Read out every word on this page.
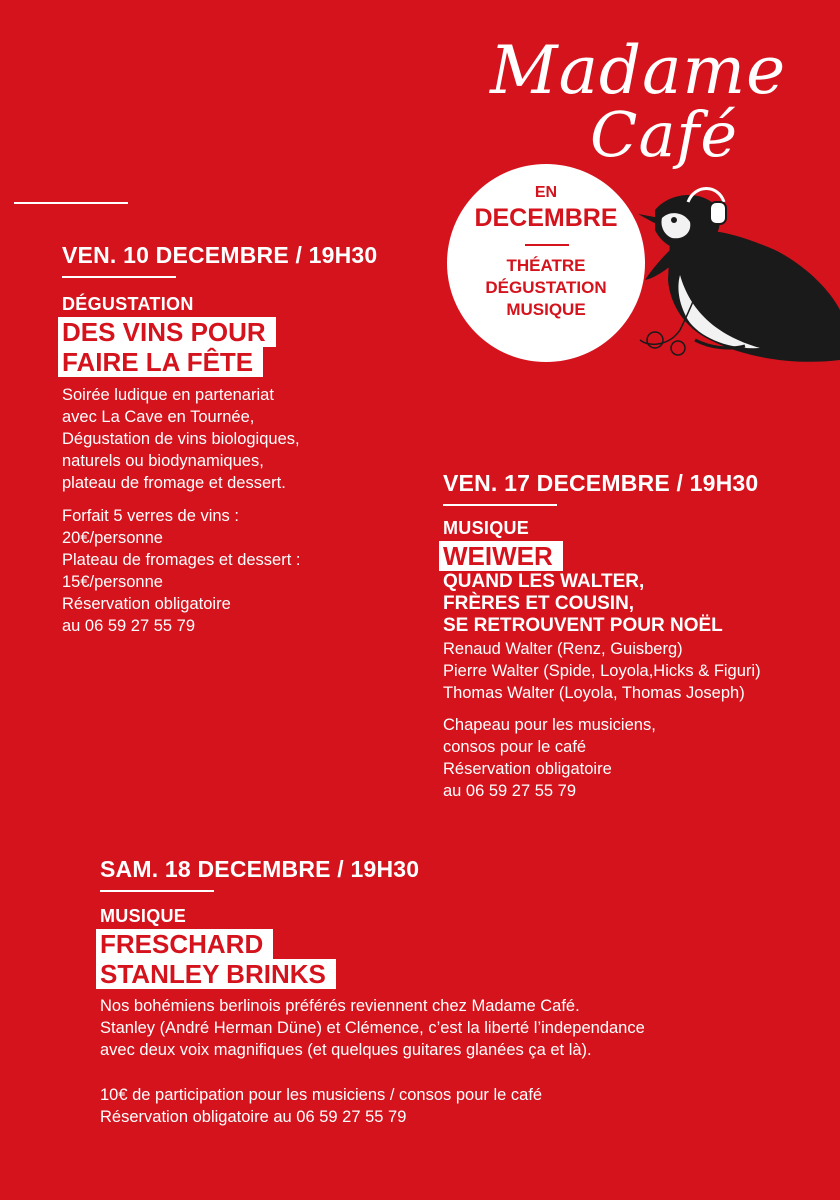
Madame

Café

EN
DECEMBRE
THÉATRE
DÉGUSTATION
MUSIQUE
VEN. 10 DECEMBRE / 19H30
DÉGUSTATION
DES VINS POUR
FAIRE LA FÊTE
Soirée ludique en partenariat
avec La Cave en Tournée,
Dégustation de vins biologiques,
naturels ou biodynamiques,
plateau de fromage et dessert.
Forfait 5 verres de vins :
20€/personne
Plateau de fromages et dessert :
15€/personne
Réservation obligatoire
au 06 59 27 55 79
VEN. 17 DECEMBRE / 19H30
MUSIQUE
WEIWER
QUAND LES WALTER,
FRÈRES ET COUSIN,
SE RETROUVENT POUR NOËL
Renaud Walter (Renz, Guisberg)
Pierre Walter (Spide, Loyola,Hicks & Figuri)
Thomas Walter (Loyola, Thomas Joseph)
Chapeau pour les musiciens,
consos pour le café
Réservation obligatoire
au 06 59 27 55 79
SAM. 18 DECEMBRE / 19H30
MUSIQUE
FRESCHARD
STANLEY BRINKS
Nos bohémiens berlinois préférés reviennent chez Madame Café.
Stanley (André Herman Düne) et Clémence, c’est la liberté l’independance
avec deux voix magnifiques (et quelques guitares glanées ça et là).
10€ de participation pour les musiciens / consos pour le café
Réservation obligatoire au 06 59 27 55 79
